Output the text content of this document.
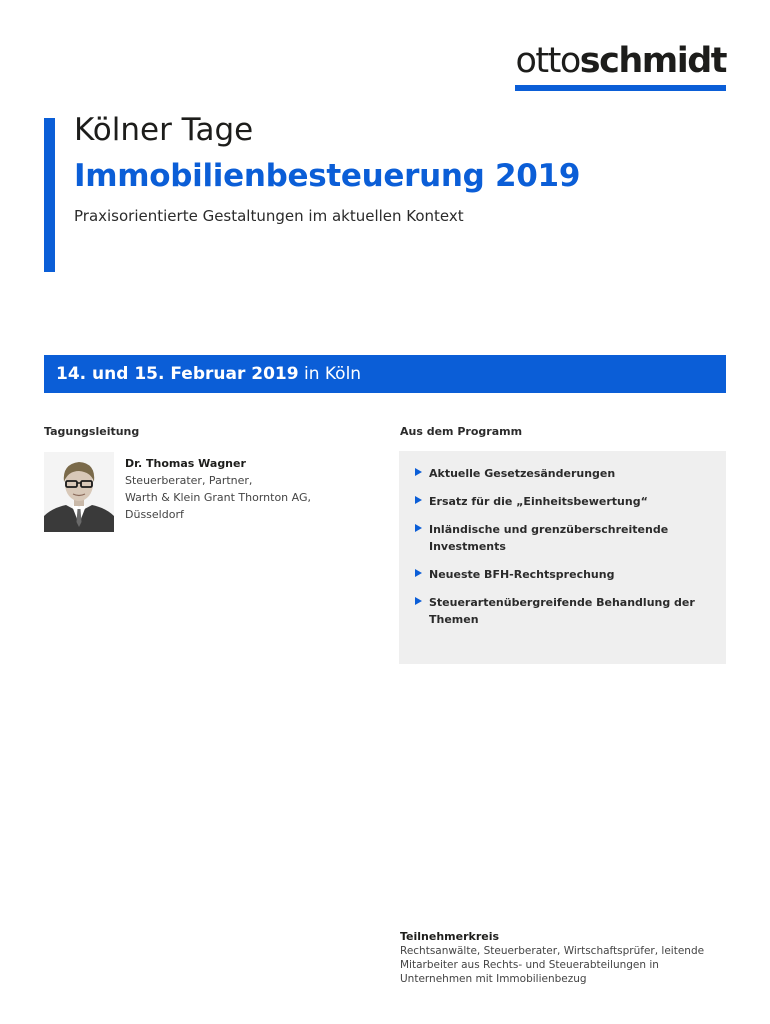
ottoschmidt
Kölner Tage
Immobilienbesteuerung 2019
Praxisorientierte Gestaltungen im aktuellen Kontext
14. und 15. Februar 2019 in Köln
Tagungsleitung	Aus dem Programm
Dr. Thomas Wagner
Steuerberater, Partner,
Warth & Klein Grant Thornton AG,
Düsseldorf
Aktuelle Gesetzesänderungen
Ersatz für die „Einheitsbewertung“
Inländische und grenzüberschreitende Investments
Neueste BFH-Rechtsprechung
Steuerartenübergreifende Behandlung der Themen
Teilnehmerkreis
Rechtsanwälte, Steuerberater, Wirtschaftsprüfer, leitende Mitarbeiter aus Rechts- und Steuerabteilungen in Unternehmen mit Immobilienbezug
